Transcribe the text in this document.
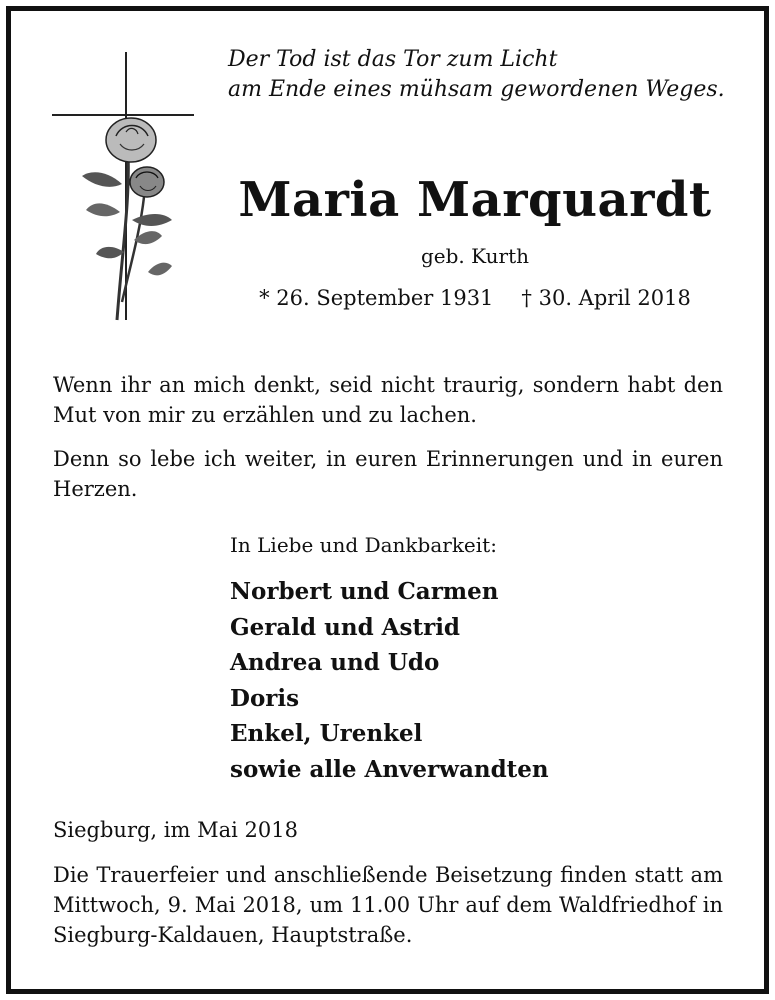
Der Tod ist das Tor zum Licht
am Ende eines mühsam gewordenen Weges.
Maria Marquardt
geb. Kurth
* 26. September 1931 † 30. April 2018
Wenn ihr an mich denkt, seid nicht traurig, sondern habt den Mut von mir zu erzählen und zu lachen.
Denn so lebe ich weiter, in euren Erinnerungen und in euren Herzen.
In Liebe und Dankbarkeit:
Norbert und Carmen
Gerald und Astrid
Andrea und Udo
Doris
Enkel, Urenkel
sowie alle Anverwandten
Siegburg, im Mai 2018
Die Trauerfeier und anschließende Beisetzung finden statt am Mittwoch, 9. Mai 2018, um 11.00 Uhr auf dem Waldfriedhof in Siegburg-Kaldauen, Hauptstraße.
